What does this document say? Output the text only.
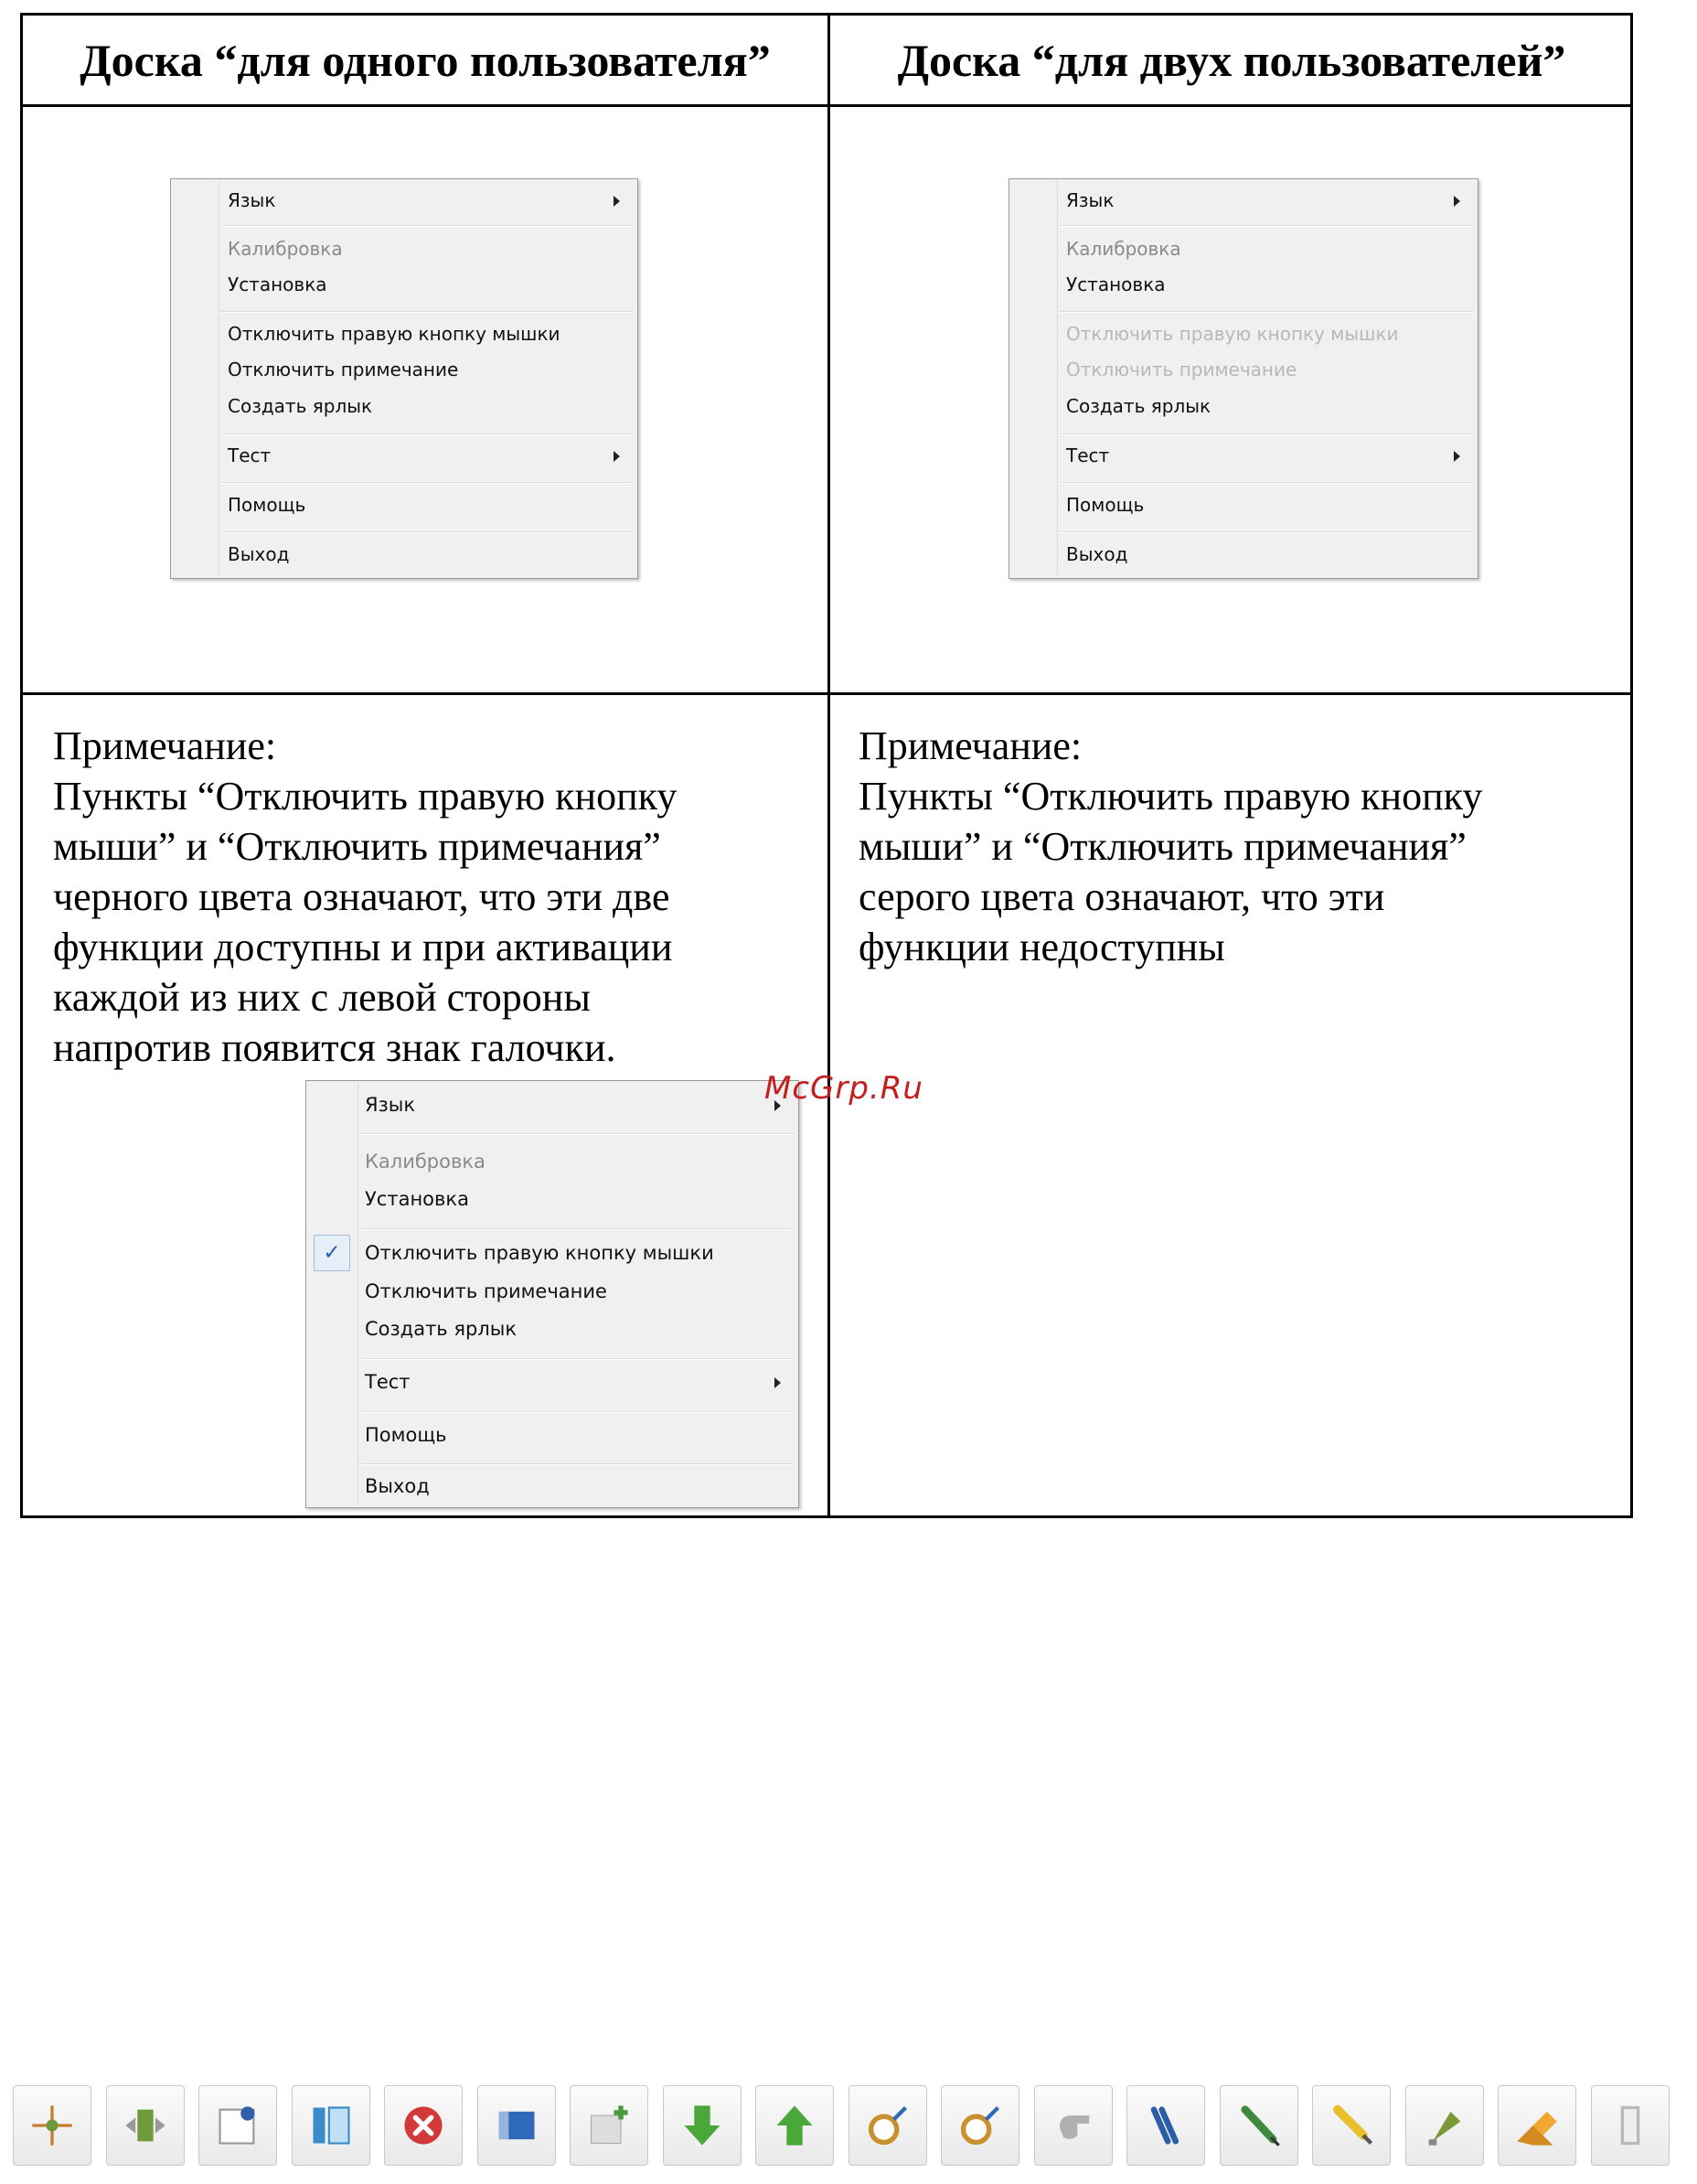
Доска “для одного пользователя”	Доска “для двух пользователей”
Язык
Калибровка
Установка
Отключить правую кнопку мышки
Отключить примечание
Создать ярлык
Тест
Помощь
Выход
Язык
Калибровка
Установка
Отключить правую кнопку мышки
Отключить примечание
Создать ярлык
Тест
Помощь
Выход
Примечание:
Пункты “Отключить правую кнопку
мыши” и “Отключить примечания”
черного цвета означают, что эти две
функции доступны и при активации
каждой из них с левой стороны
напротив появится знак галочки.
Примечание:
Пункты “Отключить правую кнопку
мыши” и “Отключить примечания”
серого цвета означают, что эти
функции недоступны
Язык
Калибровка
Установка
Отключить правую кнопку мышки
✓
Отключить примечание
Создать ярлык
Тест
Помощь
Выход
McGrp.Ru
